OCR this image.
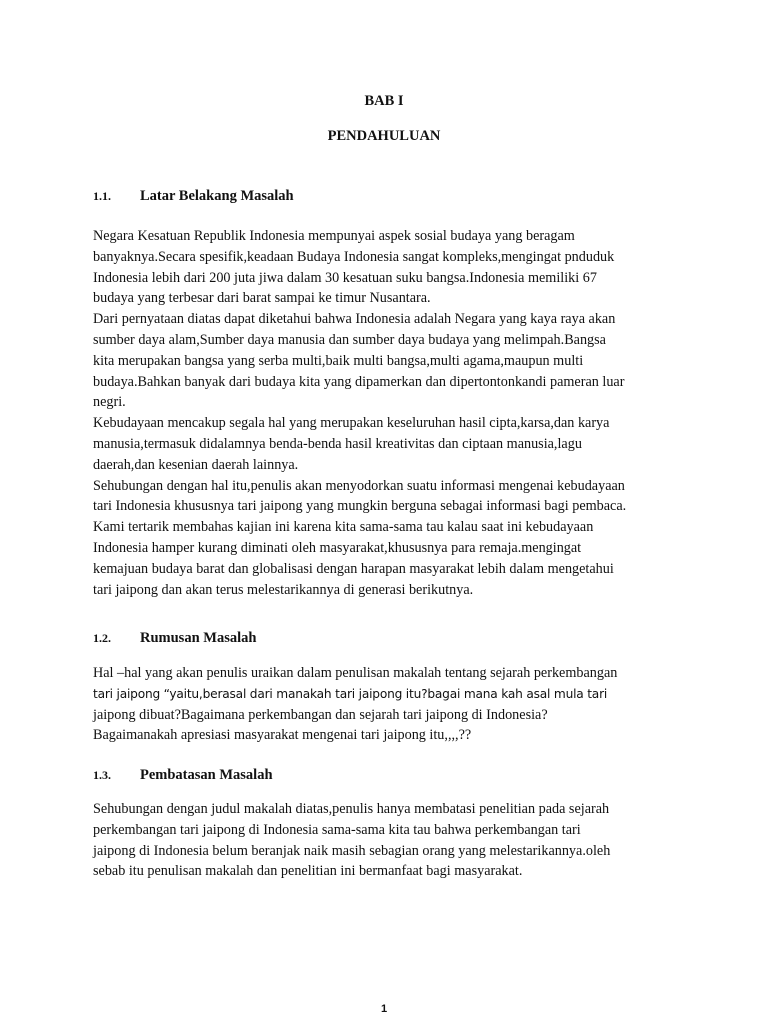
BAB I
PENDAHULUAN
1.1. Latar Belakang Masalah
Negara Kesatuan Republik Indonesia mempunyai aspek sosial budaya yang beragam
banyaknya.Secara spesifik,keadaan Budaya Indonesia sangat kompleks,mengingat pnduduk
Indonesia lebih dari 200 juta jiwa dalam 30 kesatuan suku bangsa.Indonesia memiliki 67
budaya yang terbesar dari barat sampai ke timur Nusantara.
Dari pernyataan diatas dapat diketahui bahwa Indonesia adalah Negara yang kaya raya akan
sumber daya alam,Sumber daya manusia dan sumber daya budaya yang melimpah.Bangsa
kita merupakan bangsa yang serba multi,baik multi bangsa,multi agama,maupun multi
budaya.Bahkan banyak dari budaya kita yang dipamerkan dan dipertontonkandi pameran luar
negri.
Kebudayaan mencakup segala hal yang merupakan keseluruhan hasil cipta,karsa,dan karya
manusia,termasuk didalamnya benda-benda hasil kreativitas dan ciptaan manusia,lagu
daerah,dan kesenian daerah lainnya.
Sehubungan dengan hal itu,penulis akan menyodorkan suatu informasi mengenai kebudayaan
tari Indonesia khususnya tari jaipong yang mungkin berguna sebagai informasi bagi pembaca.
Kami tertarik membahas kajian ini karena kita sama-sama tau kalau saat ini kebudayaan
Indonesia hamper kurang diminati oleh masyarakat,khususnya para remaja.mengingat
kemajuan budaya barat dan globalisasi dengan harapan masyarakat lebih dalam mengetahui
tari jaipong dan akan terus melestarikannya di generasi berikutnya.
1.2. Rumusan Masalah
Hal –hal yang akan penulis uraikan dalam penulisan makalah tentang sejarah perkembangan
tari jaipong “yaitu,berasal dari manakah tari jaipong itu?bagai mana kah asal mula tari
jaipong dibuat?Bagaimana perkembangan dan sejarah tari jaipong di Indonesia?
Bagaimanakah apresiasi masyarakat mengenai tari jaipong itu,,,,??
1.3. Pembatasan Masalah
Sehubungan dengan judul makalah diatas,penulis hanya membatasi penelitian pada sejarah
perkembangan tari jaipong di Indonesia sama-sama kita tau bahwa perkembangan tari
jaipong di Indonesia belum beranjak naik masih sebagian orang yang melestarikannya.oleh
sebab itu penulisan makalah dan penelitian ini bermanfaat bagi masyarakat.
1
